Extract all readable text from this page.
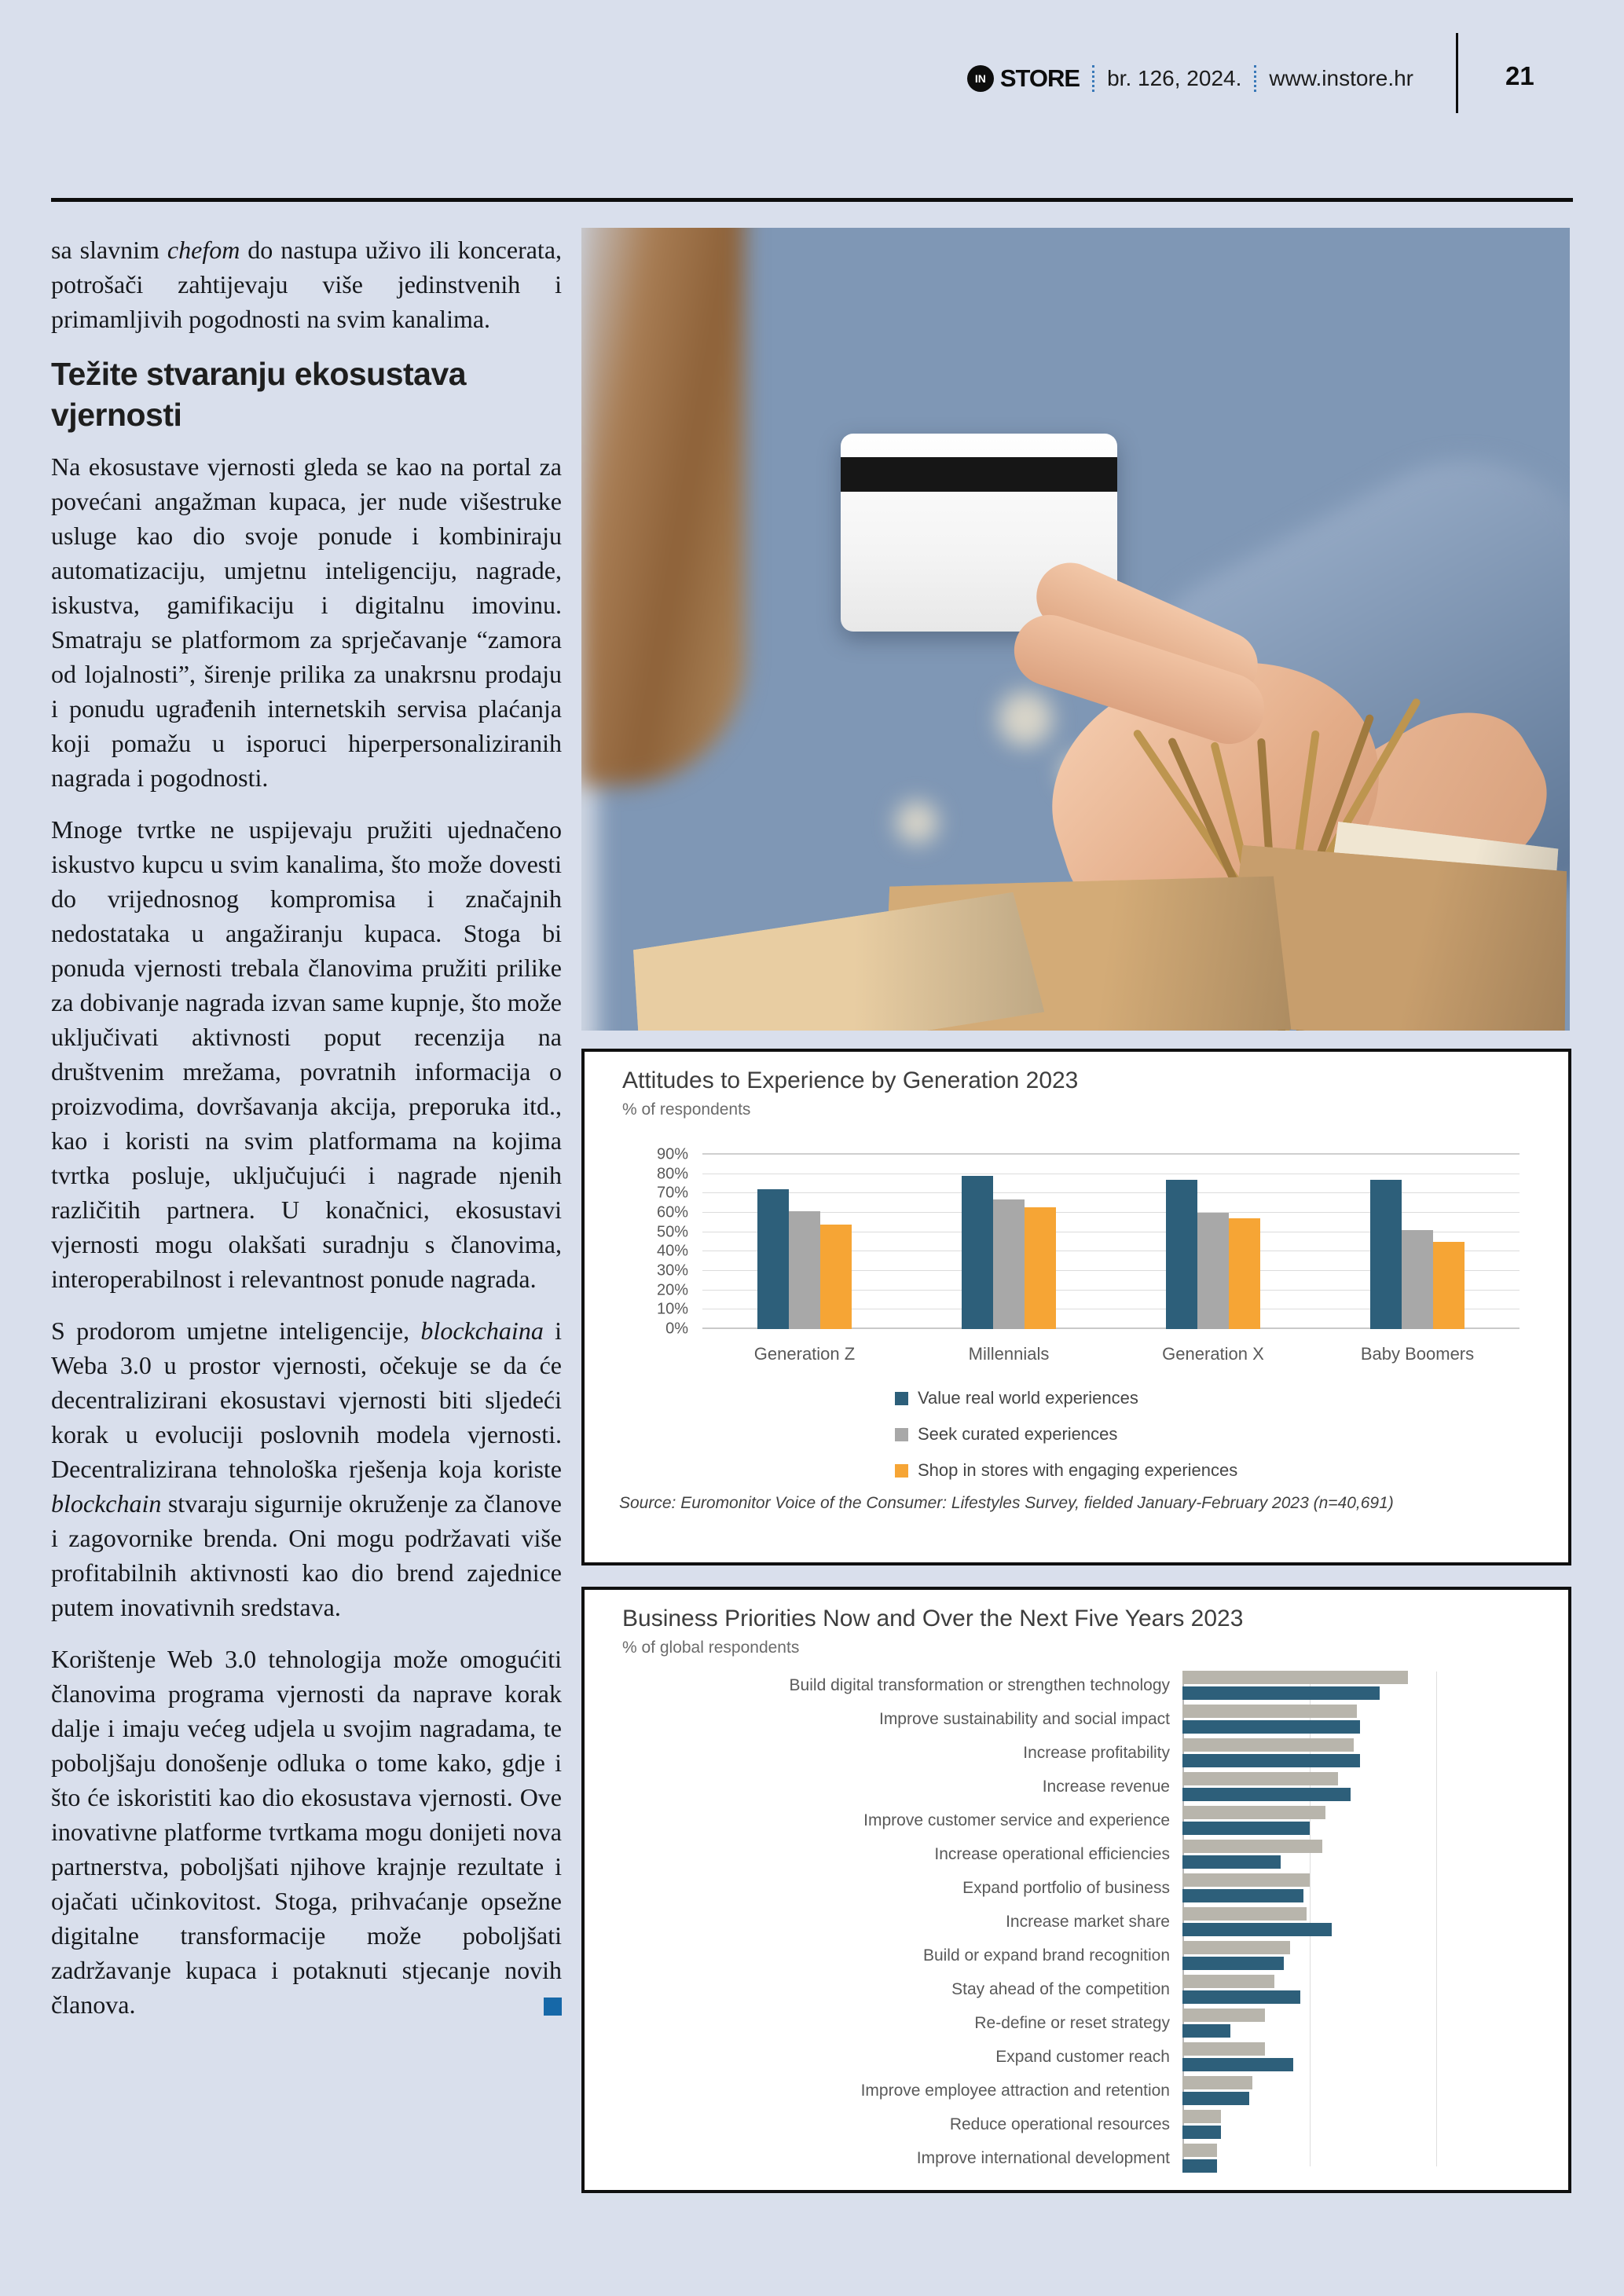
IN STORE br. 126, 2024. www.instore.hr	21

sa slavnim chefom do nastupa uživo ili koncerata, potrošači zahtijevaju više jedinstvenih i primamljivih pogodnosti na svim kanalima.

Težite stvaranju ekosustava vjernosti

Na ekosustave vjernosti gleda se kao na portal za povećani angažman kupaca, jer nude višestruke usluge kao dio svoje ponude i kombiniraju automatizaciju, umjetnu inteligenciju, nagrade, iskustva, gamifikaciju i digitalnu imovinu. Smatraju se platformom za sprječavanje “zamora od lojalnosti”, širenje prilika za unakrsnu prodaju i ponudu ugrađenih internetskih servisa plaćanja koji pomažu u isporuci hiperpersonaliziranih nagrada i pogodnosti.

Mnoge tvrtke ne uspijevaju pružiti ujednačeno iskustvo kupcu u svim kanalima, što može dovesti do vrijednosnog kompromisa i značajnih nedostataka u angažiranju kupaca. Stoga bi ponuda vjernosti trebala članovima pružiti prilike za dobivanje nagrada izvan same kupnje, što može uključivati aktivnosti poput recenzija na društvenim mrežama, povratnih informacija o proizvodima, dovršavanja akcija, preporuka itd., kao i koristi na svim platformama na kojima tvrtka posluje, uključujući i nagrade njenih različitih partnera. U konačnici, ekosustavi vjernosti mogu olakšati suradnju s članovima, interoperabilnost i relevantnost ponude nagrada.

S prodorom umjetne inteligencije, blockchaina i Weba 3.0 u prostor vjernosti, očekuje se da će decentralizirani ekosustavi vjernosti biti sljedeći korak u evoluciji poslovnih modela vjernosti. Decentralizirana tehnološka rješenja koja koriste blockchain stvaraju sigurnije okruženje za članove i zagovornike brenda. Oni mogu podržavati više profitabilnih aktivnosti kao dio brend zajednice putem inovativnih sredstava.

Korištenje Web 3.0 tehnologija može omogućiti članovima programa vjernosti da naprave korak dalje i imaju većeg udjela u svojim nagradama, te poboljšaju donošenje odluka o tome kako, gdje i što će iskoristiti kao dio ekosustava vjernosti. Ove inovativne platforme tvrtkama mogu donijeti nova partnerstva, poboljšati njihove krajnje rezultate i ojačati učinkovitost. Stoga, prihvaćanje opsežne digitalne transformacije može poboljšati zadržavanje kupaca i potaknuti stjecanje novih članova.

Attitudes to Experience by Generation 2023
% of respondents
0%
10%
20%
30%
40%
50%
60%
70%
80%
90%
Generation Z	Millennials	Generation X	Baby Boomers
Value real world experiences
Seek curated experiences
Shop in stores with engaging experiences
Source: Euromonitor Voice of the Consumer: Lifestyles Survey, fielded January-February 2023 (n=40,691)
Business Priorities Now and Over the Next Five Years 2023
% of global respondents
Build digital transformation or strengthen technology
Improve sustainability and social impact
Increase profitability
Increase revenue
Improve customer service and experience
Increase operational efficiencies
Expand portfolio of business
Increase market share
Build or expand brand recognition
Stay ahead of the competition
Re-define or reset strategy
Expand customer reach
Improve employee attraction and retention
Reduce operational resources
Improve international development
